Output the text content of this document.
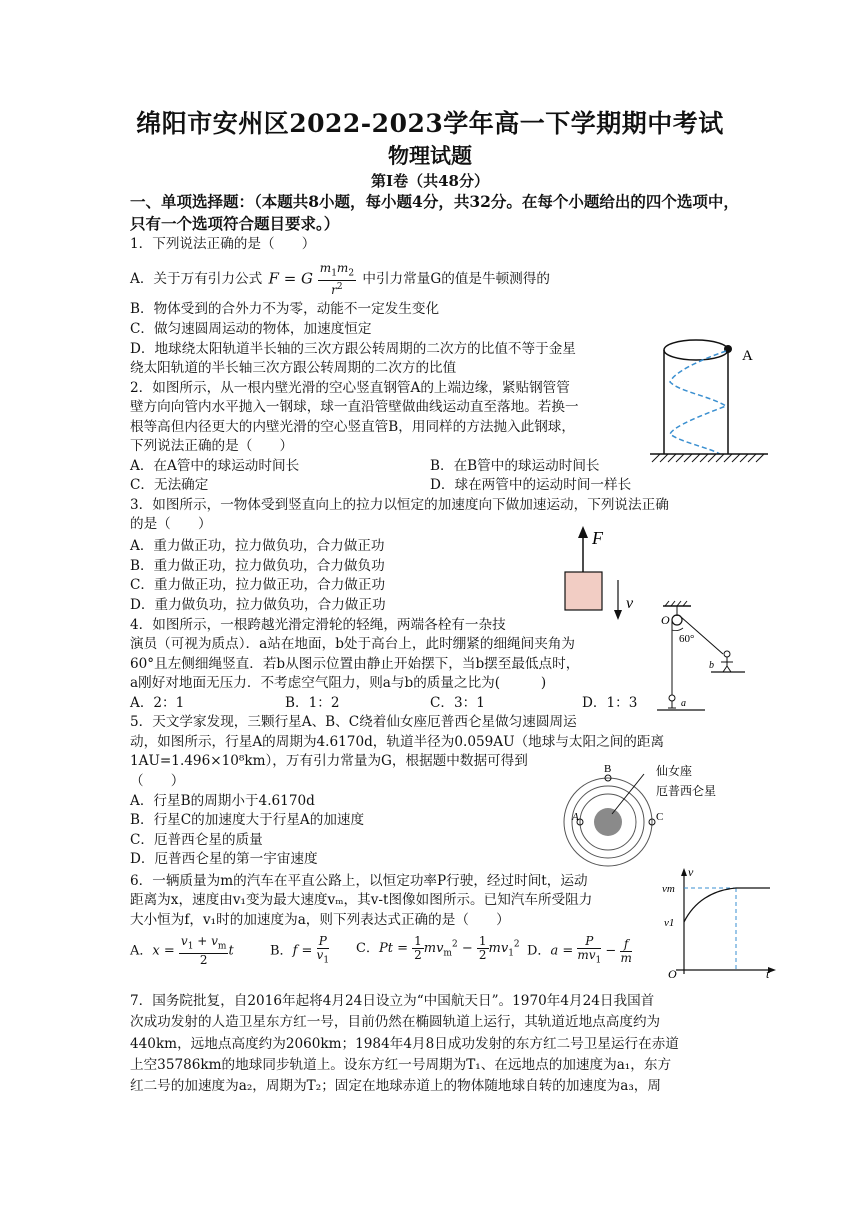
绵阳市安州区2022-2023学年高一下学期期中考试
物理试题
第Ⅰ卷（共48分）
一、单项选择题：（本题共8小题，每小题4分，共32分。在每个小题给出的四个选项中，只有一个选项符合题目要求。）
1．下列说法正确的是（　　）
A．关于万有引力公式 F = G $\frac{m_1m_2}{r^2}$ 中引力常量G的值是牛顿测得的
B．物体受到的合外力不为零，动能不一定发生变化
C．做匀速圆周运动的物体，加速度恒定
D．地球绕太阳轨道半长轴的三次方跟公转周期的二次方的比值不等于金星
绕太阳轨道的半长轴三次方跟公转周期的二次方的比值
2．如图所示，从一根内壁光滑的空心竖直钢管A的上端边缘，紧贴钢管管
壁方向向管内水平抛入一钢球，球一直沿管壁做曲线运动直至落地。若换一
根等高但内径更大的内壁光滑的空心竖直管B，用同样的方法抛入此钢球，
下列说法正确的是（　　）
A．在A管中的球运动时间长	B．在B管中的球运动时间长
C．无法确定	D．球在两管中的运动时间一样长
A
3．如图所示，一物体受到竖直向上的拉力以恒定的加速度向下做加速运动，下列说法正确
的是（　　）
A．重力做正功，拉力做负功，合力做正功
B．重力做正功，拉力做负功，合力做负功
C．重力做正功，拉力做正功，合力做正功
D．重力做负功，拉力做负功，合力做正功
F
v
4．如图所示，一根跨越光滑定滑轮的轻绳，两端各栓有一杂技
演员（可视为质点）．a站在地面，b处于高台上，此时绷紧的细绳间夹角为
60°且左侧细绳竖直．若b从图示位置由静止开始摆下，当b摆至最低点时，
a刚好对地面无压力．不考虑空气阻力，则a与b的质量之比为(　　　)
A．2：1	B．1：2	C．3：1	D．1：3
60°
O
b
a
5．天文学家发现，三颗行星A、B、C绕着仙女座厄普西仑星做匀速圆周运
动，如图所示，行星A的周期为4.6170d，轨道半径为0.059AU（地球与太阳之间的距离
1AU=1.496×10⁸km），万有引力常量为G，根据题中数据可得到
（　　）
A．行星B的周期小于4.6170d
B．行星C的加速度大于行星A的加速度
C．厄普西仑星的质量
D．厄普西仑星的第一宇宙速度
A
B
C
仙女座
厄普西仑星
6．一辆质量为m的汽车在平直公路上，以恒定功率P行驶，经过时间t，运动
距离为x，速度由v₁变为最大速度vₘ，其v-t图像如图所示。已知汽车所受阻力
大小恒为f，v₁时的加速度为a，则下列表达式正确的是（　　）
A．$x = \frac{v_1 + v_m}{2}$ t	B．$f = \frac{P}{v_1}$ C．$Pt = \frac{1}{2} mv_m^2 - \frac{1}{2} mv_1^2$ D．$a = \frac{P}{mv_1} - \frac{f}{m}$
v
vm
v1
O	t
7．国务院批复，自2016年起将4月24日设立为“中国航天日”。1970年4月24日我国首
次成功发射的人造卫星东方红一号，目前仍然在椭圆轨道上运行，其轨道近地点高度约为
440km，远地点高度约为2060km；1984年4月8日成功发射的东方红二号卫星运行在赤道
上空35786km的地球同步轨道上。设东方红一号周期为T₁、在远地点的加速度为a₁，东方
红二号的加速度为a₂，周期为T₂；固定在地球赤道上的物体随地球自转的加速度为a₃，周
